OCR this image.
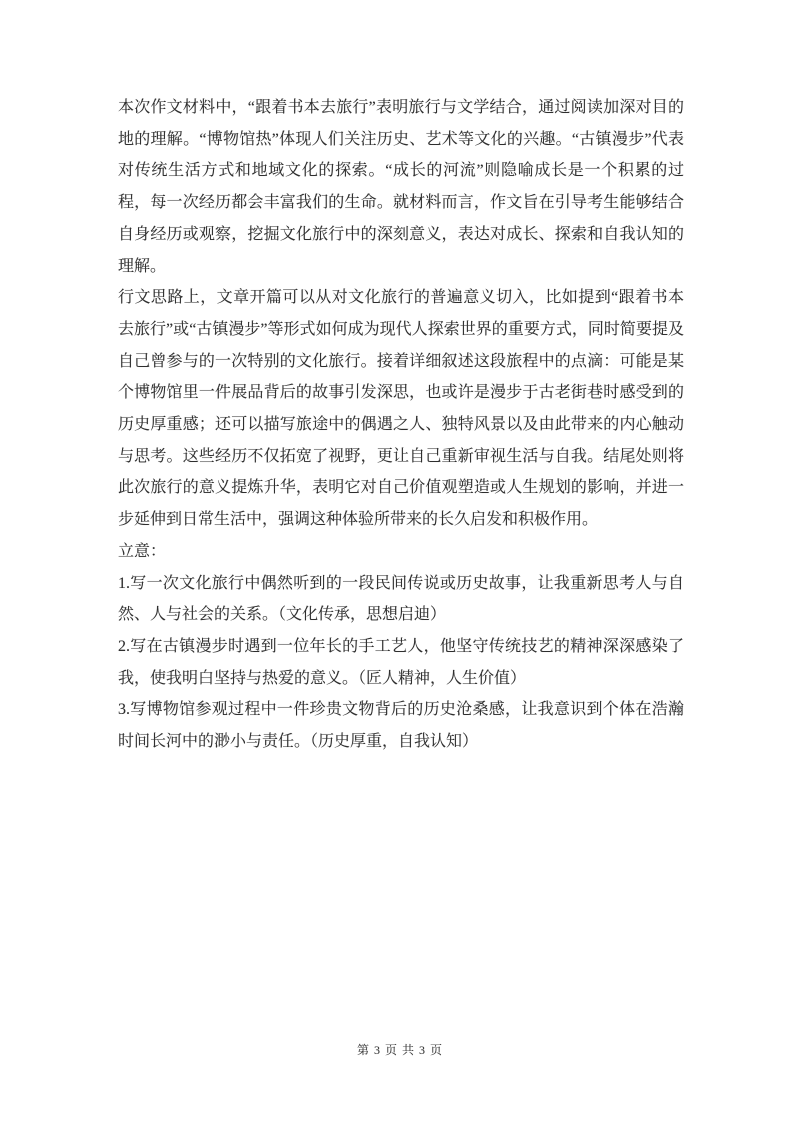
本次作文材料中，“跟着书本去旅行”表明旅行与文学结合，通过阅读加深对目的地的理解。“博物馆热”体现人们关注历史、艺术等文化的兴趣。“古镇漫步”代表对传统生活方式和地域文化的探索。“成长的河流”则隐喻成长是一个积累的过程，每一次经历都会丰富我们的生命。就材料而言，作文旨在引导考生能够结合自身经历或观察，挖掘文化旅行中的深刻意义，表达对成长、探索和自我认知的理解。

行文思路上，文章开篇可以从对文化旅行的普遍意义切入，比如提到“跟着书本去旅行”或“古镇漫步”等形式如何成为现代人探索世界的重要方式，同时简要提及自己曾参与的一次特别的文化旅行。接着详细叙述这段旅程中的点滴：可能是某个博物馆里一件展品背后的故事引发深思，也或许是漫步于古老街巷时感受到的历史厚重感；还可以描写旅途中的偶遇之人、独特风景以及由此带来的内心触动与思考。这些经历不仅拓宽了视野，更让自己重新审视生活与自我。结尾处则将此次旅行的意义提炼升华，表明它对自己价值观塑造或人生规划的影响，并进一步延伸到日常生活中，强调这种体验所带来的长久启发和积极作用。

立意：

1.写一次文化旅行中偶然听到的一段民间传说或历史故事，让我重新思考人与自然、人与社会的关系。（文化传承，思想启迪）

2.写在古镇漫步时遇到一位年长的手工艺人，他坚守传统技艺的精神深深感染了我，使我明白坚持与热爱的意义。（匠人精神，人生价值）

3.写博物馆参观过程中一件珍贵文物背后的历史沧桑感，让我意识到个体在浩瀚时间长河中的渺小与责任。（历史厚重，自我认知）

第 3 页 共 3 页
